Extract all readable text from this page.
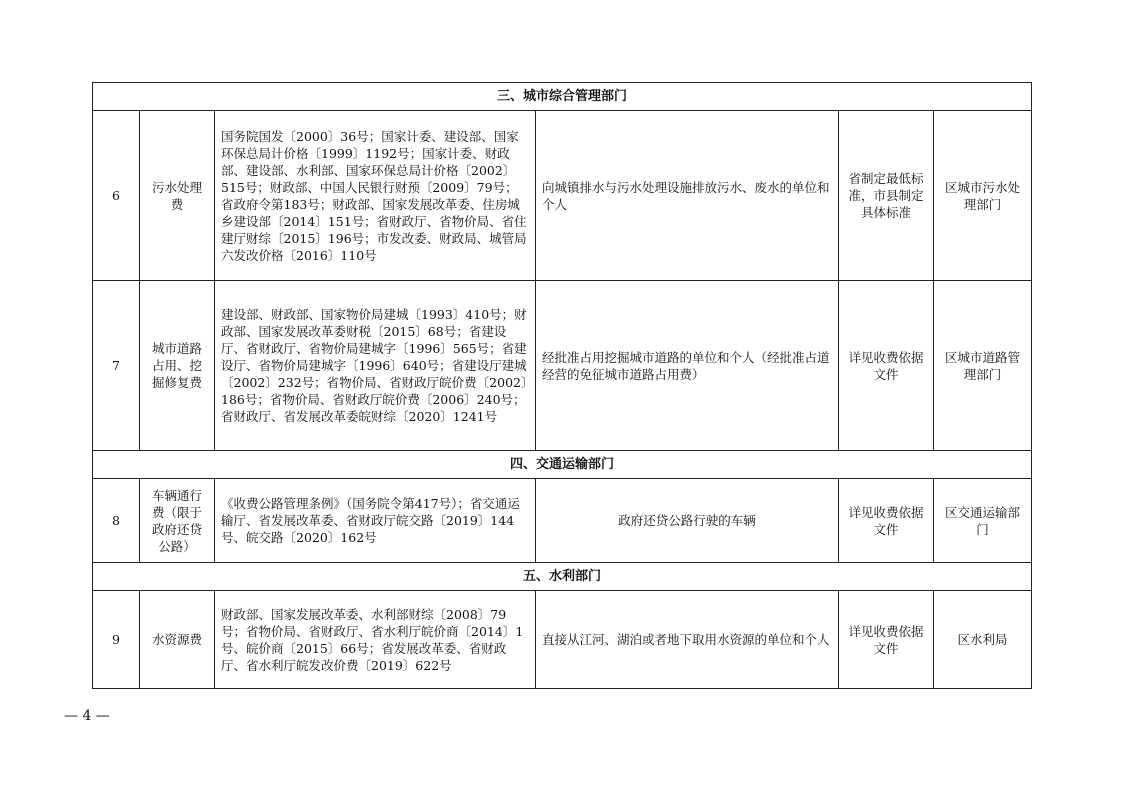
三、城市综合管理部门					
6	污水处理费	国务院国发〔2000〕36号；国家计委、建设部、国家环保总局计价格〔1999〕1192号；国家计委、财政部、建设部、水利部、国家环保总局计价格〔2002〕515号；财政部、中国人民银行财预〔2009〕79号；省政府令第183号；财政部、国家发展改革委、住房城乡建设部〔2014〕151号；省财政厅、省物价局、省住建厅财综〔2015〕196号；市发改委、财政局、城管局六发改价格〔2016〕110号	向城镇排水与污水处理设施排放污水、废水的单位和个人	省制定最低标准，市县制定具体标准	区城市污水处理部门
7	城市道路占用、挖掘修复费	建设部、财政部、国家物价局建城〔1993〕410号；财政部、国家发展改革委财税〔2015〕68号；省建设厅、省财政厅、省物价局建城字〔1996〕565号；省建设厅、省物价局建城字〔1996〕640号；省建设厅建城〔2002〕232号；省物价局、省财政厅皖价费〔2002〕186号；省物价局、省财政厅皖价费〔2006〕240号；省财政厅、省发展改革委皖财综〔2020〕1241号	经批准占用挖掘城市道路的单位和个人（经批准占道经营的免征城市道路占用费）	详见收费依据文件	区城市道路管理部门
四、交通运输部门					
8	车辆通行费（限于政府还贷公路）	《收费公路管理条例》（国务院令第417号）；省交通运输厅、省发展改革委、省财政厅皖交路〔2019〕144号、皖交路〔2020〕162号	政府还贷公路行驶的车辆	详见收费依据文件	区交通运输部门
五、水利部门					
9	水资源费	财政部、国家发展改革委、水利部财综〔2008〕79号；省物价局、省财政厅、省水利厅皖价商〔2014〕1号、皖价商〔2015〕66号；省发展改革委、省财政厅、省水利厅皖发改价费〔2019〕622号	直接从江河、湖泊或者地下取用水资源的单位和个人	详见收费依据文件	区水利局
— 4 —
